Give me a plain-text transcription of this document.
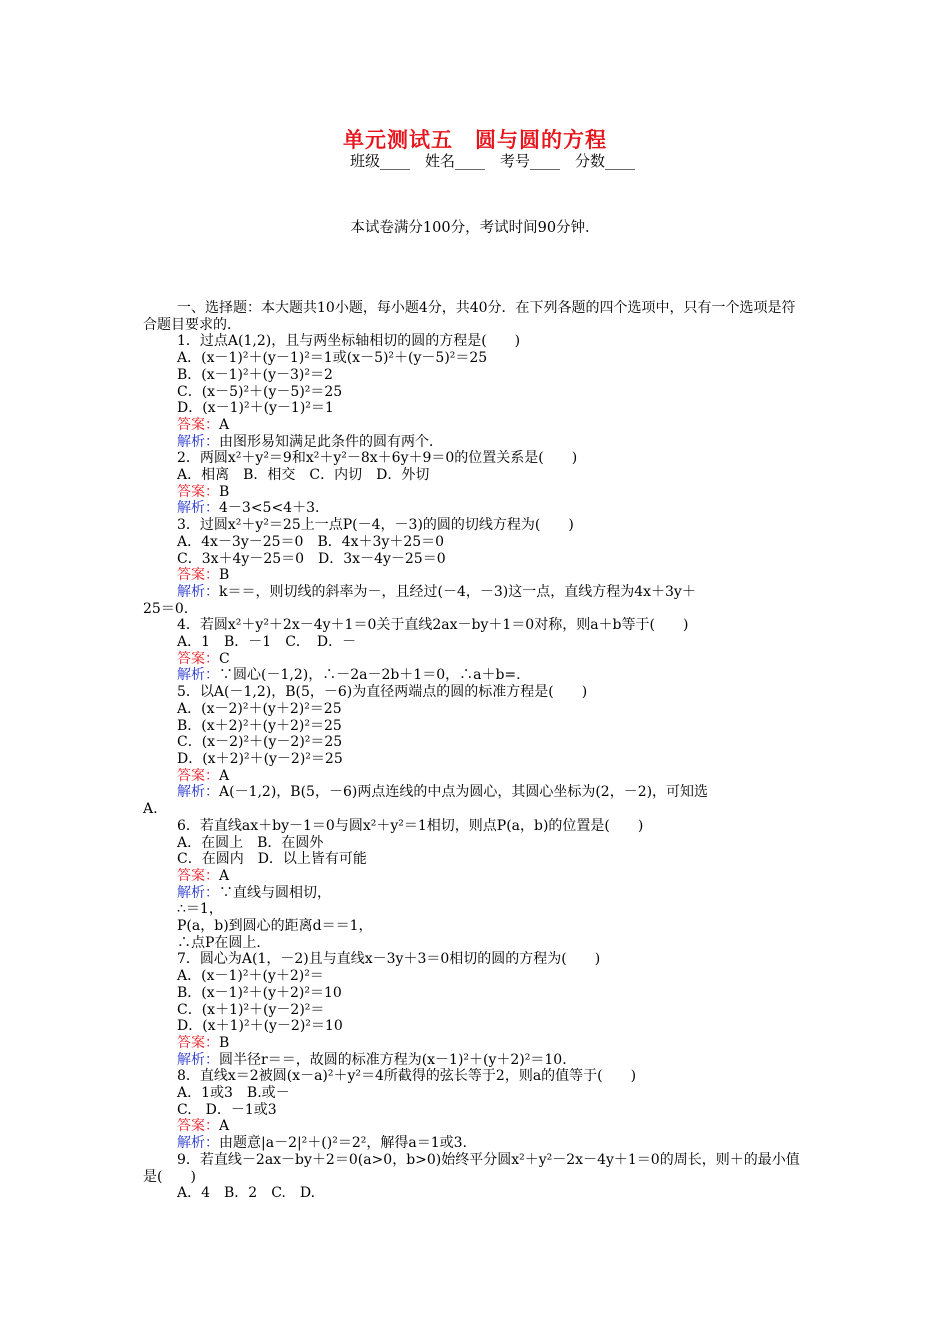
单元测试五　圆与圆的方程
班级____　姓名____　考号____　分数____
本试卷满分100分，考试时间90分钟．

一、选择题：本大题共10小题，每小题4分，共40分．在下列各题的四个选项中，只有一个选项是符合题目要求的．

1．过点A(1,2)，且与两坐标轴相切的圆的方程是(　　)

A．(x－1)²＋(y－1)²＝1或(x－5)²＋(y－5)²＝25

B．(x－1)²＋(y－3)²＝2

C．(x－5)²＋(y－5)²＝25

D．(x－1)²＋(y－1)²＝1

答案：A

解析：由图形易知满足此条件的圆有两个．

2．两圆x²＋y²＝9和x²＋y²－8x＋6y＋9＝0的位置关系是(　　)

A．相离　B．相交　C．内切　D．外切

答案：B

解析：4－3<5<4＋3.

3．过圆x²＋y²＝25上一点P(－4，－3)的圆的切线方程为(　　)

A．4x－3y－25＝0　B．4x＋3y＋25＝0

C．3x＋4y－25＝0　D．3x－4y－25＝0

答案：B

解析：k＝＝，则切线的斜率为－，且经过(－4，－3)这一点，直线方程为4x＋3y＋

25＝0.

4．若圆x²＋y²＋2x－4y＋1＝0关于直线2ax－by＋1＝0对称，则a＋b等于(　　)

A．1　B．－1　C．　D．－

答案：C

解析：∵圆心(－1,2)，∴－2a－2b＋1＝0，∴a＋b=.

5．以A(－1,2)，B(5，－6)为直径两端点的圆的标准方程是(　　)

A．(x－2)²＋(y＋2)²＝25

B．(x＋2)²＋(y＋2)²＝25

C．(x－2)²＋(y－2)²＝25

D．(x＋2)²＋(y－2)²＝25

答案：A

解析：A(－1,2)，B(5，－6)两点连线的中点为圆心，其圆心坐标为(2，－2)，可知选

A.

6．若直线ax＋by－1＝0与圆x²＋y²＝1相切，则点P(a，b)的位置是(　　)

A．在圆上　B．在圆外

C．在圆内　D．以上皆有可能

答案：A

解析：∵直线与圆相切，

∴＝1，

P(a，b)到圆心的距离d＝＝1，

∴点P在圆上．

7．圆心为A(1，－2)且与直线x－3y＋3＝0相切的圆的方程为(　　)

A．(x－1)²＋(y＋2)²＝

B．(x－1)²＋(y＋2)²＝10

C．(x＋1)²＋(y－2)²＝

D．(x＋1)²＋(y－2)²＝10

答案：B

解析：圆半径r＝＝，故圆的标准方程为(x－1)²＋(y＋2)²＝10.

8．直线x＝2被圆(x－a)²＋y²＝4所截得的弦长等于2，则a的值等于(　　)

A．1或3　B.或－

C.　D．－1或3

答案：A

解析：由题意|a－2|²＋()²＝2²，解得a＝1或3.

9．若直线－2ax－by＋2＝0(a>0，b>0)始终平分圆x²＋y²－2x－4y＋1＝0的周长，则＋的最小值是(　　)

A．4　B．2　C.　D.
